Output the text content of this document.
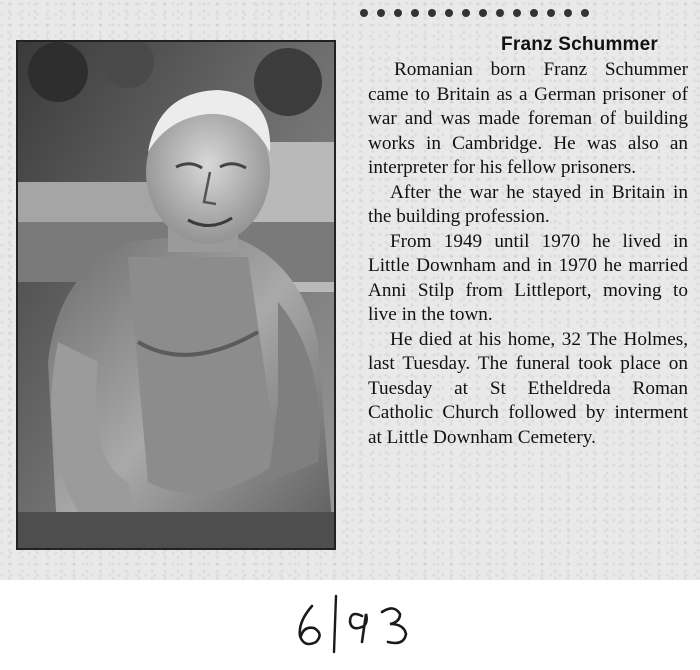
Franz Schummer

Romanian born Franz Schummer came to Britain as a German prisoner of war and was made foreman of building works in Cambridge. He was also an interpreter for his fellow prisoners.

After the war he stayed in Britain in the building profession.

From 1949 until 1970 he lived in Little Downham and in 1970 he married Anni Stilp from Littleport, moving to live in the town.

He died at his home, 32 The Holmes, last Tuesday. The funeral took place on Tuesday at St Etheldreda Roman Catholic Church followed by interment at Little Downham Cemetery.
